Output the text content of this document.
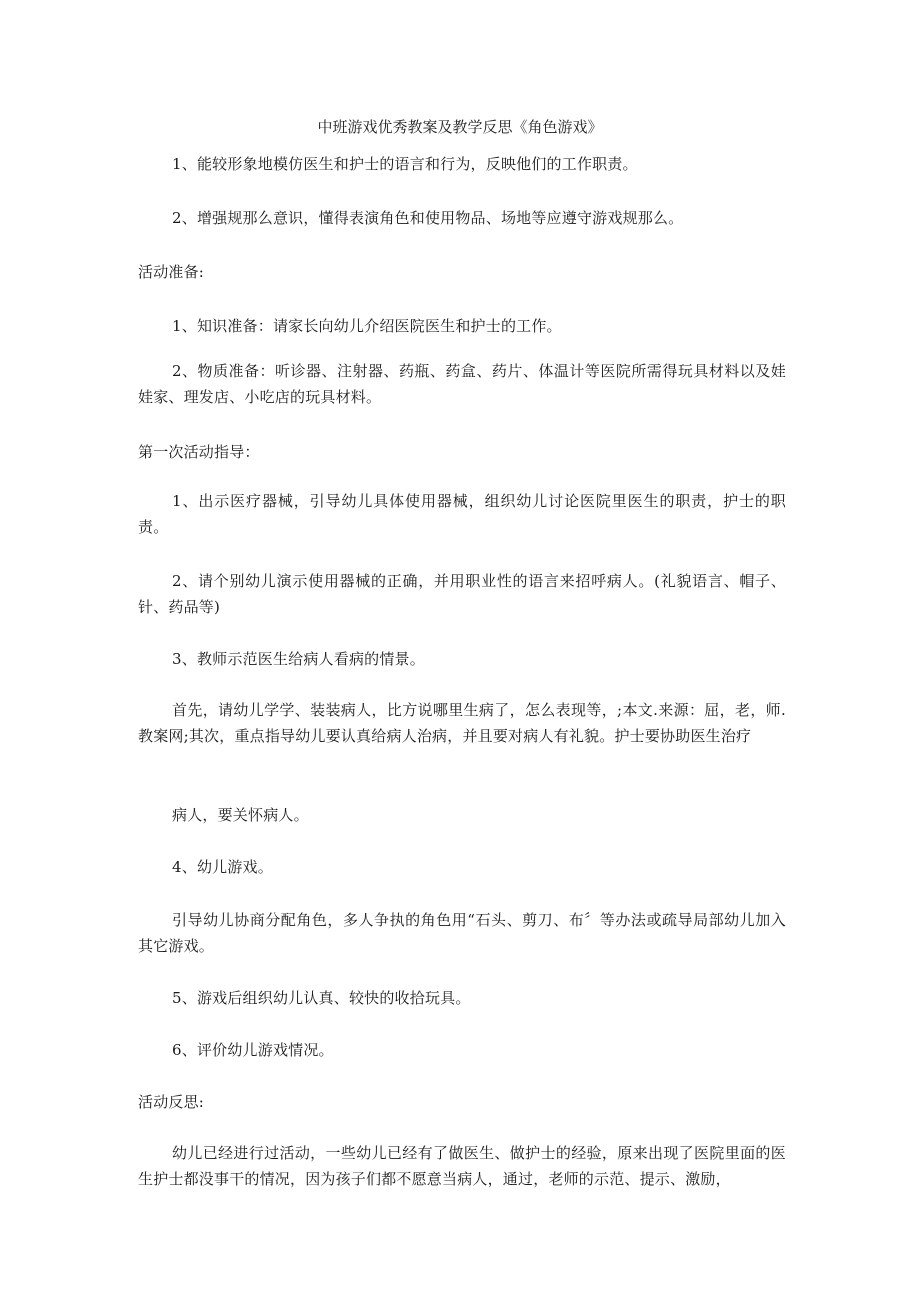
中班游戏优秀教案及教学反思《角色游戏》
1、能较形象地模仿医生和护士的语言和行为，反映他们的工作职责。
2、增强规那么意识，懂得表演角色和使用物品、场地等应遵守游戏规那么。
活动准备:
1、知识准备：请家长向幼儿介绍医院医生和护士的工作。
2、物质准备：听诊器、注射器、药瓶、药盒、药片、体温计等医院所需得玩具材料以及娃娃家、理发店、小吃店的玩具材料。
第一次活动指导：
1、出示医疗器械，引导幼儿具体使用器械，组织幼儿讨论医院里医生的职责，护士的职责。
2、请个别幼儿演示使用器械的正确，并用职业性的语言来招呼病人。(礼貌语言、帽子、针、药品等)
3、教师示范医生给病人看病的情景。
首先，请幼儿学学、装装病人，比方说哪里生病了，怎么表现等，;本文.来源：屈，老，师.教案网;其次，重点指导幼儿要认真给病人治病，并且要对病人有礼貌。护士要协助医生治疗
病人，要关怀病人。
4、幼儿游戏。
引导幼儿协商分配角色，多人争执的角色用“石头、剪刀、布〞等办法或疏导局部幼儿加入其它游戏。
5、游戏后组织幼儿认真、较快的收拾玩具。
6、评价幼儿游戏情况。
活动反思:
幼儿已经进行过活动，一些幼儿已经有了做医生、做护士的经验，原来出现了医院里面的医生护士都没事干的情况，因为孩子们都不愿意当病人，通过，老师的示范、提示、激励，
